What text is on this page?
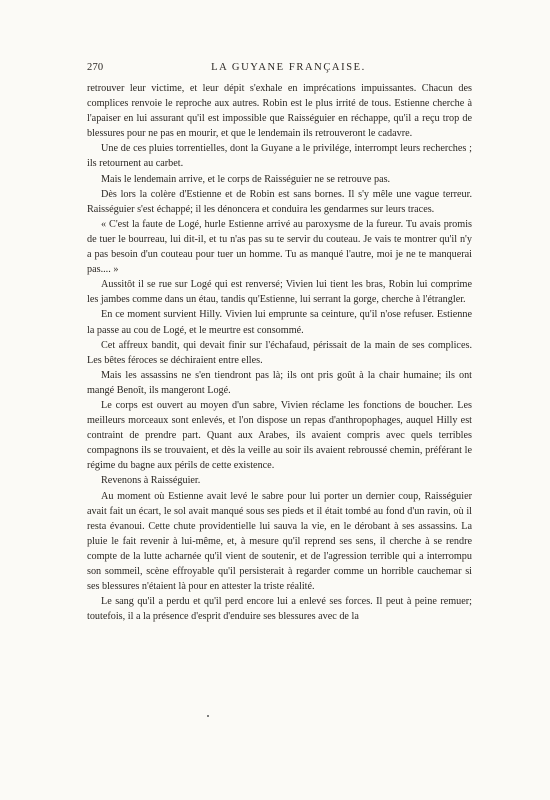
270	LA GUYANE FRANÇAISE.

retrouver leur victime, et leur dépit s'exhale en imprécations impuissantes. Chacun des complices renvoie le reproche aux autres. Robin est le plus irrité de tous. Estienne cherche à l'apaiser en lui assurant qu'il est impossible que Raisséguier en réchappe, qu'il a reçu trop de blessures pour ne pas en mourir, et que le lendemain ils retrouveront le cadavre.

Une de ces pluies torrentielles, dont la Guyane a le privilége, interrompt leurs recherches ; ils retournent au carbet.

Mais le lendemain arrive, et le corps de Raisséguier ne se retrouve pas.

Dès lors la colère d'Estienne et de Robin est sans bornes. Il s'y mêle une vague terreur. Raisséguier s'est échappé; il les dénoncera et conduira les gendarmes sur leurs traces.

« C'est la faute de Logé, hurle Estienne arrivé au paroxysme de la fureur. Tu avais promis de tuer le bourreau, lui dit-il, et tu n'as pas su te servir du couteau. Je vais te montrer qu'il n'y a pas besoin d'un couteau pour tuer un homme. Tu as manqué l'autre, moi je ne te manquerai pas.... »

Aussitôt il se rue sur Logé qui est renversé; Vivien lui tient les bras, Robin lui comprime les jambes comme dans un étau, tandis qu'Estienne, lui serrant la gorge, cherche à l'étrangler.

En ce moment survient Hilly. Vivien lui emprunte sa ceinture, qu'il n'ose refuser. Estienne la passe au cou de Logé, et le meurtre est consommé.

Cet affreux bandit, qui devait finir sur l'échafaud, périssait de la main de ses complices. Les bêtes féroces se déchiraient entre elles.

Mais les assassins ne s'en tiendront pas là; ils ont pris goût à la chair humaine; ils ont mangé Benoît, ils mangeront Logé.

Le corps est ouvert au moyen d'un sabre, Vivien réclame les fonctions de boucher. Les meilleurs morceaux sont enlevés, et l'on dispose un repas d'anthropophages, auquel Hilly est contraint de prendre part. Quant aux Arabes, ils avaient compris avec quels terribles compagnons ils se trouvaient, et dès la veille au soir ils avaient rebroussé chemin, préférant le régime du bagne aux périls de cette existence.

Revenons à Raisséguier.

Au moment où Estienne avait levé le sabre pour lui porter un dernier coup, Raisséguier avait fait un écart, le sol avait manqué sous ses pieds et il était tombé au fond d'un ravin, où il resta évanoui. Cette chute providentielle lui sauva la vie, en le dérobant à ses assassins. La pluie le fait revenir à lui-même, et, à mesure qu'il reprend ses sens, il cherche à se rendre compte de la lutte acharnée qu'il vient de soutenir, et de l'agression terrible qui a interrompu son sommeil, scène effroyable qu'il persisterait à regarder comme un horrible cauchemar si ses blessures n'étaient là pour en attester la triste réalité.

Le sang qu'il a perdu et qu'il perd encore lui a enlevé ses forces. Il peut à peine remuer; toutefois, il a la présence d'esprit d'enduire ses blessures avec de la
